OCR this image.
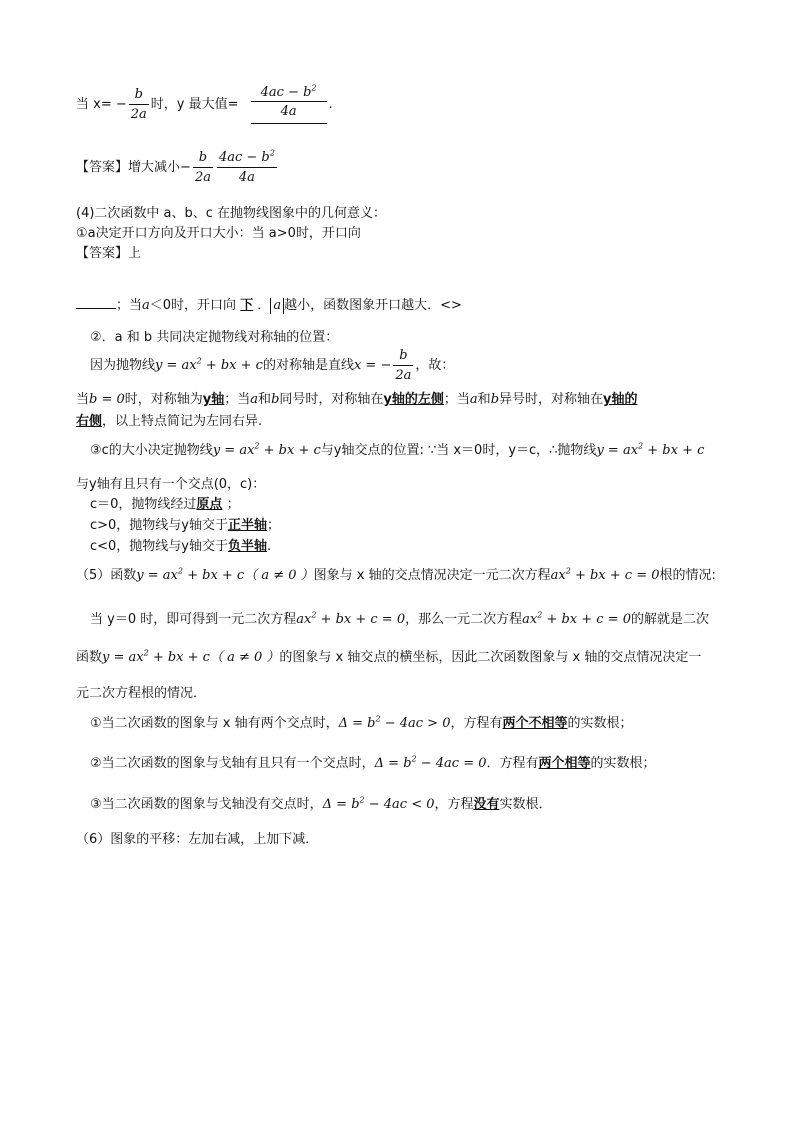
当 $x= - \frac{b}{2a}$ 时，y 最大值= $\frac{4ac - b^2}{4a}$ .
【答案】增大减小− $\frac{b}{2a} \frac{4ac - b^2}{4a}$
(4)二次函数中 a、b、c 在抛物线图象中的几何意义：
①a决定开口方向及开口大小：当 a>0时，开口向
【答案】上
；当a＜0时，开口向 下 ． a 越小，函数图象开口越大．<>
②．a 和 b 共同决定抛物线对称轴的位置：
因为抛物线$y = ax^2$ + bx + c的对称轴是直线x = − $\frac{b}{2a}$ ，故：
当b = 0时，对称轴为y轴；当a和b同号时，对称轴在y轴的左侧；当a和b异号时，对称轴在y轴的
右侧，以上特点简记为左同右异.
③c的大小决定抛物线$y = ax^2$ + bx + c与y轴交点的位置: ∵当 x＝0时，y＝c，∴抛物线$y = ax^2$ + bx + c
与y轴有且只有一个交点(0，c)：
c＝0，抛物线经过原点 ；
c>0，抛物线与y轴交于正半轴；
c<0，抛物线与y轴交于负半轴.
（5）函数$y = ax^2$ + bx + c（ a ≠ 0 ）图象与 x 轴的交点情况决定一元二次方程$ax^2$ + bx + c = 0根的情况:
当 y＝0 时，即可得到一元二次方程$ax^2$ + bx + c = 0，那么一元二次方程$ax^2$ + bx + c = 0的解就是二次
函数$y = ax^2$ + bx + c（ a ≠ 0 ）的图象与 x 轴交点的横坐标，因此二次函数图象与 x 轴的交点情况决定一
元二次方程根的情况．
①当二次函数的图象与 x 轴有两个交点时，$\Delta = b^2 - 4ac > 0$，方程有两个不相等的实数根；
②当二次函数的图象与戈轴有且只有一个交点时，$\Delta = b^2 - 4ac = 0$．方程有两个相等的实数根；
③当二次函数的图象与戈轴没有交点时，$\Delta = b^2 - 4ac < 0$，方程没有实数根．
（6）图象的平移：左加右减，上加下减．
